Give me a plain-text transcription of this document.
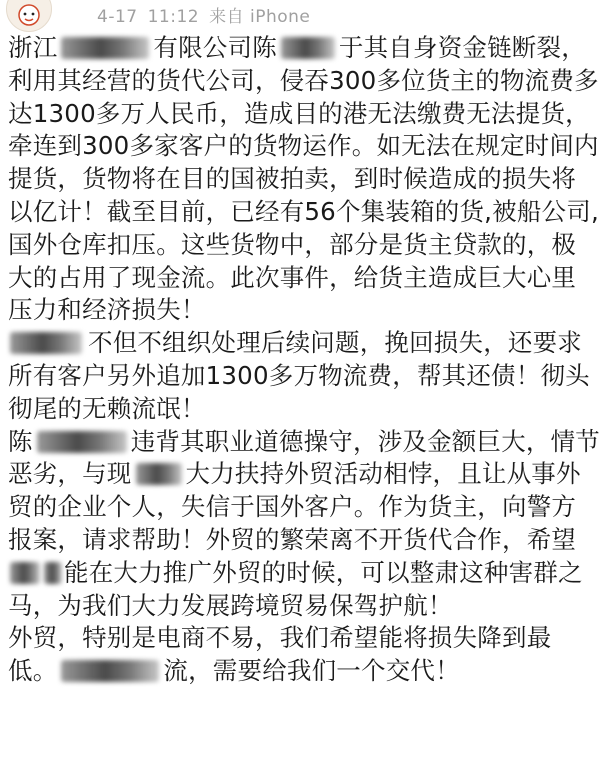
4-17 11:12 来自 iPhone

浙江	有限公司陈	于其自身资金链断裂，利用其经营的货代公司，侵吞300多位货主的物流费多达1300多万人民币，造成目的港无法缴费无法提货，牵连到300多家客户的货物运作。如无法在规定时间内提货，货物将在目的国被拍卖，到时候造成的损失将以亿计！截至目前，已经有56个集装箱的货,被船公司,国外仓库扣压。这些货物中，部分是货主贷款的，极大的占用了现金流。此次事件，给货主造成巨大心里压力和经济损失！

不但不组织处理后续问题，挽回损失，还要求所有客户另外追加1300多万物流费，帮其还债！彻头彻尾的无赖流氓！

陈	违背其职业道德操守，涉及金额巨大，情节恶劣，与现 大力扶持外贸活动相悖，且让从事外贸的企业个人，失信于国外客户。作为货主，向警方报案，请求帮助！外贸的繁荣离不开货代合作，希望能在大力推广外贸的时候，可以整肃这种害群之马，为我们大力发展跨境贸易保驾护航！

外贸，特别是电商不易，我们希望能将损失降到最低。	流，需要给我们一个交代！
